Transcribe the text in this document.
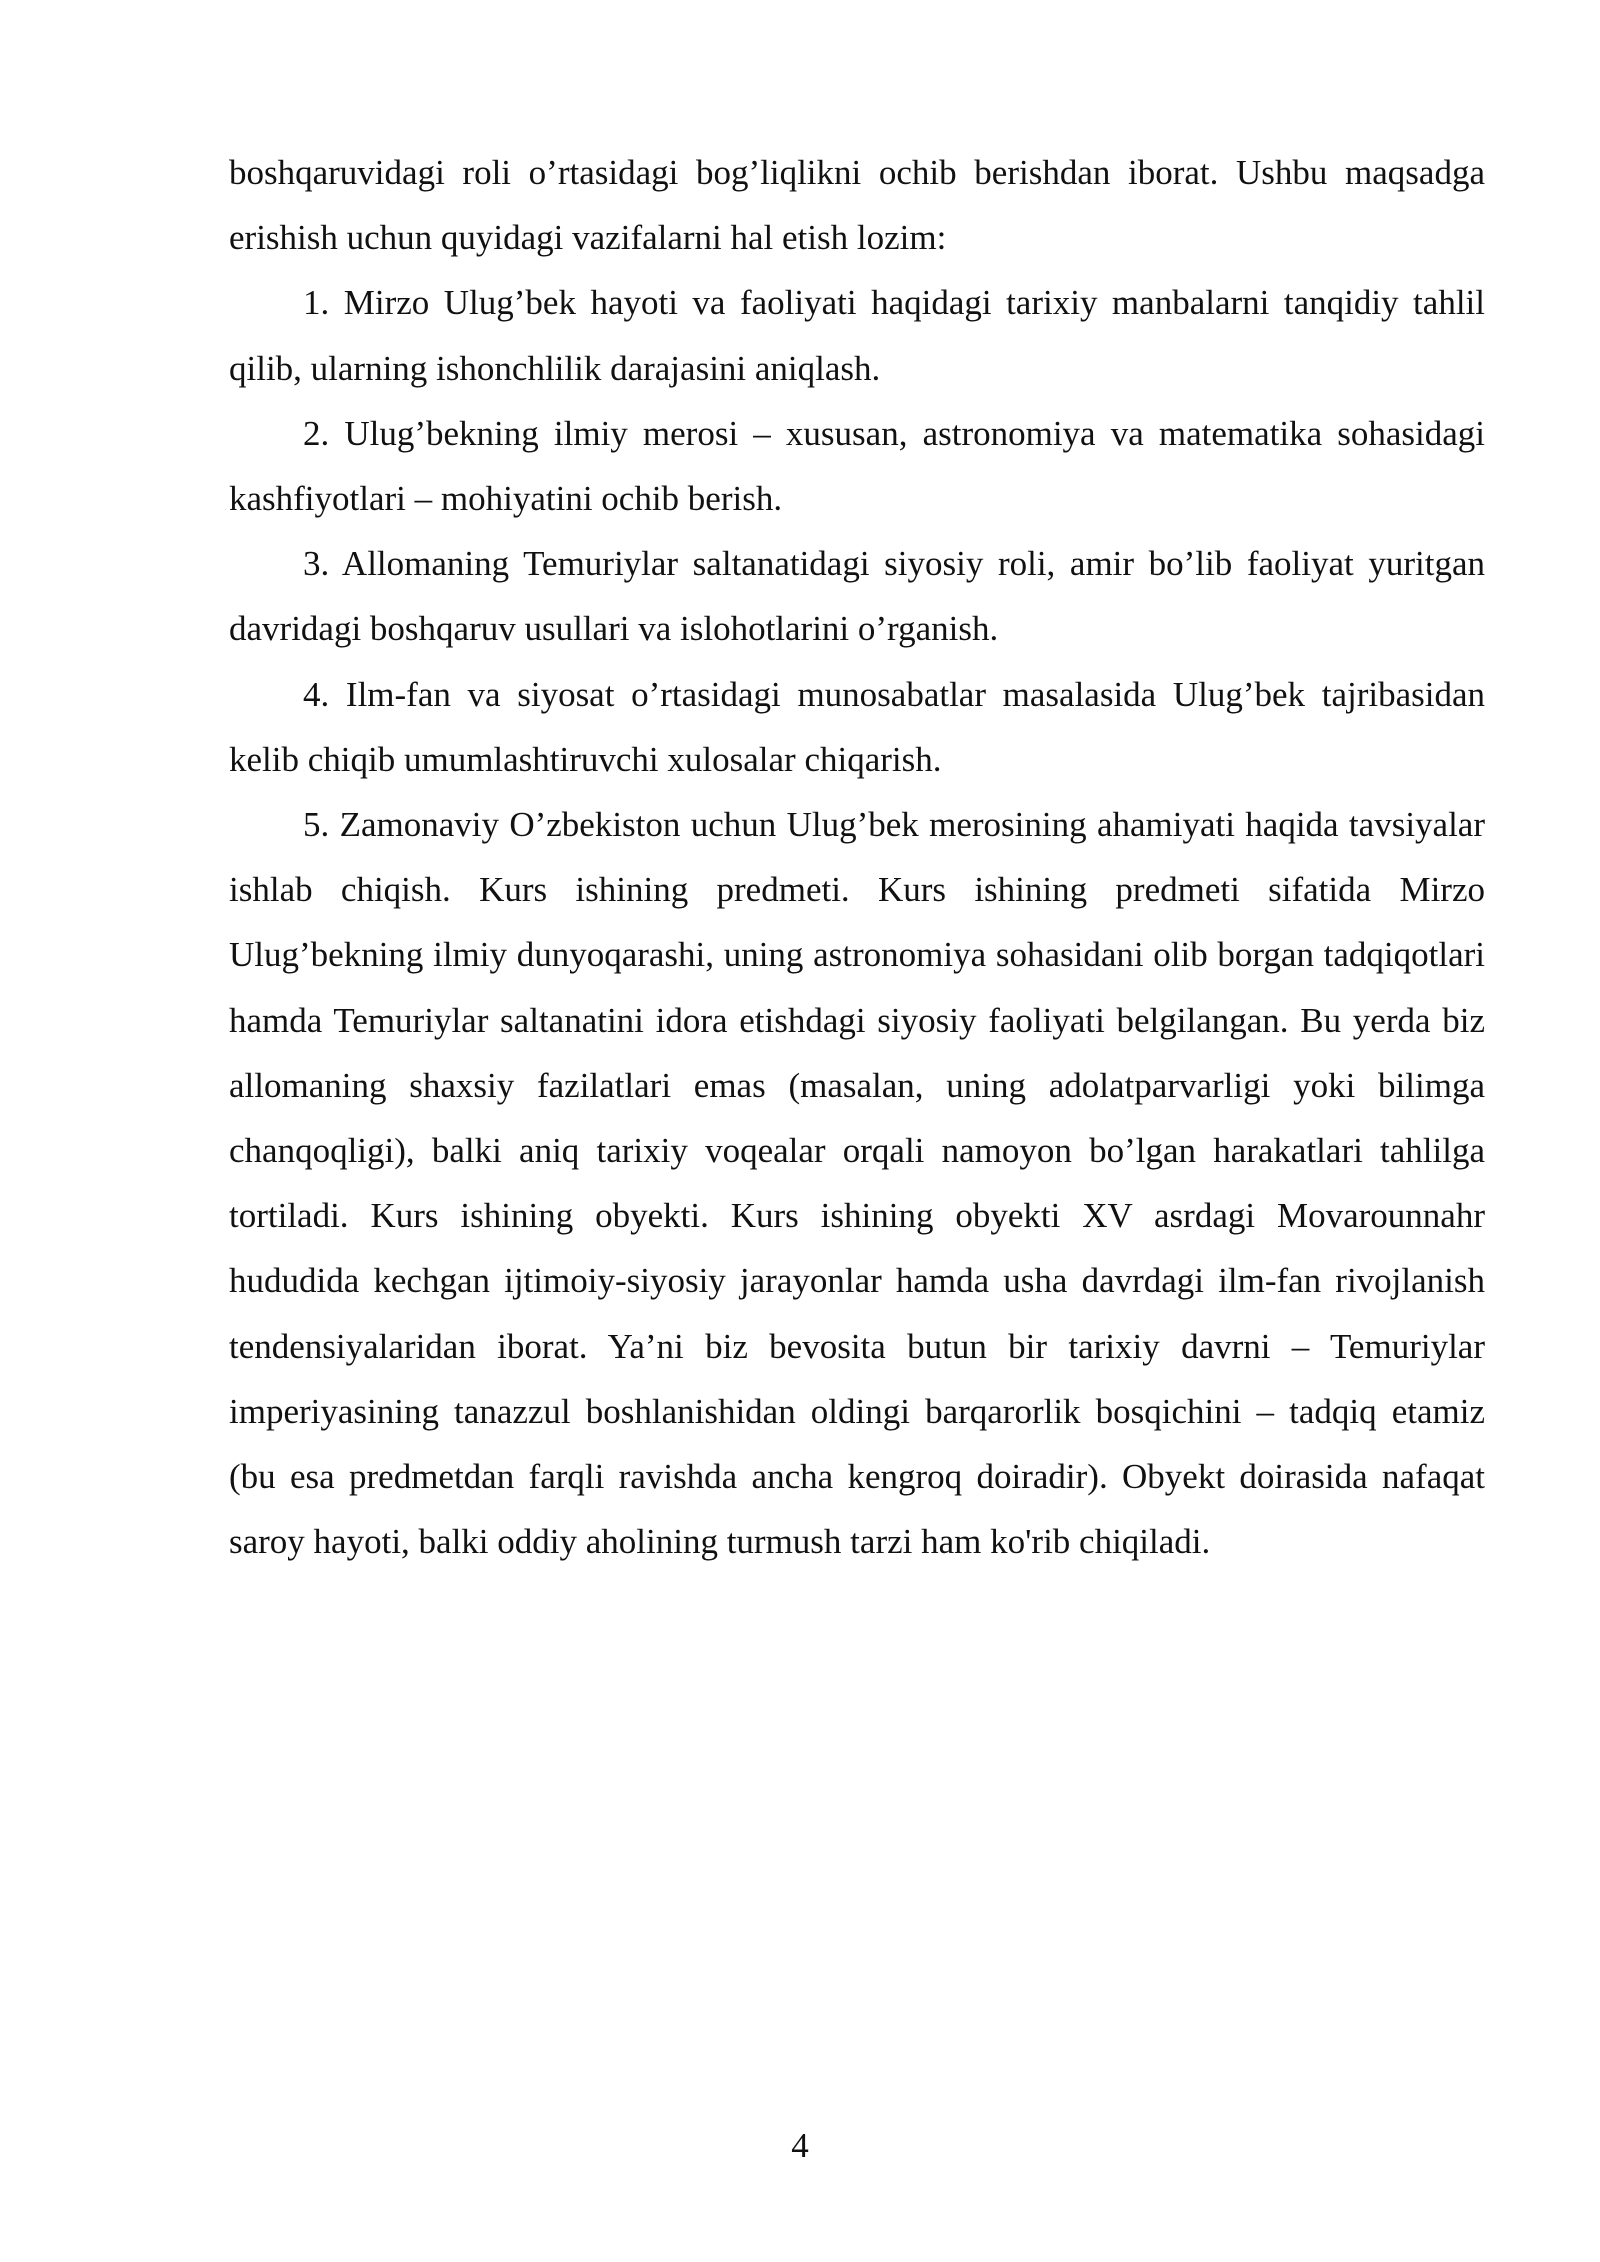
boshqaruvidagi roli o’rtasidagi bog’liqlikni ochib berishdan iborat. Ushbu maqsadga erishish uchun quyidagi vazifalarni hal etish lozim:

1. Mirzo Ulug’bek hayoti va faoliyati haqidagi tarixiy manbalarni tanqidiy tahlil qilib, ularning ishonchlilik darajasini aniqlash.

2. Ulug’bekning ilmiy merosi – xususan, astronomiya va matematika sohasidagi kashfiyotlari – mohiyatini ochib berish.

3. Allomaning Temuriylar saltanatidagi siyosiy roli, amir bo’lib faoliyat yuritgan davridagi boshqaruv usullari va islohotlarini o’rganish.

4. Ilm-fan va siyosat o’rtasidagi munosabatlar masalasida Ulug’bek tajribasidan kelib chiqib umumlashtiruvchi xulosalar chiqarish.

5. Zamonaviy O’zbekiston uchun Ulug’bek merosining ahamiyati haqida tavsiyalar ishlab chiqish. Kurs ishining predmeti. Kurs ishining predmeti sifatida Mirzo Ulug’bekning ilmiy dunyoqarashi, uning astronomiya sohasidani olib borgan tadqiqotlari hamda Temuriylar saltanatini idora etishdagi siyosiy faoliyati belgilangan. Bu yerda biz allomaning shaxsiy fazilatlari emas (masalan, uning adolatparvarligi yoki bilimga chanqoqligi), balki aniq tarixiy voqealar orqali namoyon bo’lgan harakatlari tahlilga tortiladi. Kurs ishining obyekti. Kurs ishining obyekti XV asrdagi Movarounnahr hududida kechgan ijtimoiy-siyosiy jarayonlar hamda usha davrdagi ilm-fan rivojlanish tendensiyalaridan iborat. Ya’ni biz bevosita butun bir tarixiy davrni – Temuriylar imperiyasining tanazzul boshlanishidan oldingi barqarorlik bosqichini – tadqiq etamiz (bu esa predmetdan farqli ravishda ancha kengroq doiradir). Obyekt doirasida nafaqat saroy hayoti, balki oddiy aholining turmush tarzi ham ko'rib chiqiladi.

4
